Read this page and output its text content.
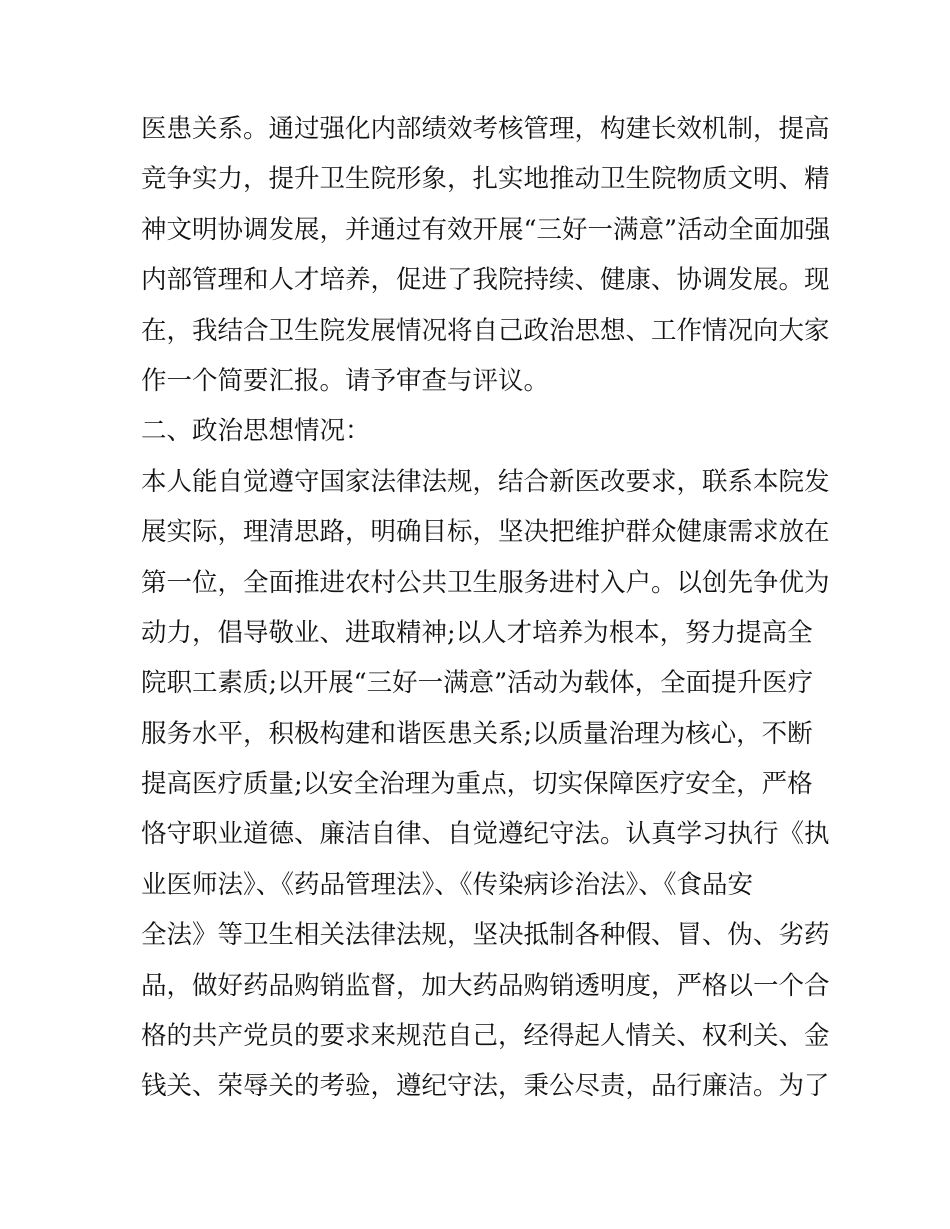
医患关系。通过强化内部绩效考核管理，构建长效机制，提高
竞争实力，提升卫生院形象，扎实地推动卫生院物质文明、精
神文明协调发展，并通过有效开展“三好一满意”活动全面加强
内部管理和人才培养，促进了我院持续、健康、协调发展。现
在，我结合卫生院发展情况将自己政治思想、工作情况向大家
作一个简要汇报。请予审查与评议。
二、政治思想情况：
本人能自觉遵守国家法律法规，结合新医改要求，联系本院发
展实际，理清思路，明确目标，坚决把维护群众健康需求放在
第一位，全面推进农村公共卫生服务进村入户。以创先争优为
动力，倡导敬业、进取精神;以人才培养为根本，努力提高全
院职工素质;以开展“三好一满意”活动为载体，全面提升医疗
服务水平，积极构建和谐医患关系;以质量治理为核心，不断
提高医疗质量;以安全治理为重点，切实保障医疗安全，严格
恪守职业道德、廉洁自律、自觉遵纪守法。认真学习执行《执
业医师法》、《药品管理法》、《传染病诊治法》、《食品安
全法》等卫生相关法律法规，坚决抵制各种假、冒、伪、劣药
品，做好药品购销监督，加大药品购销透明度，严格以一个合
格的共产党员的要求来规范自己，经得起人情关、权利关、金
钱关、荣辱关的考验，遵纪守法，秉公尽责，品行廉洁。为了
